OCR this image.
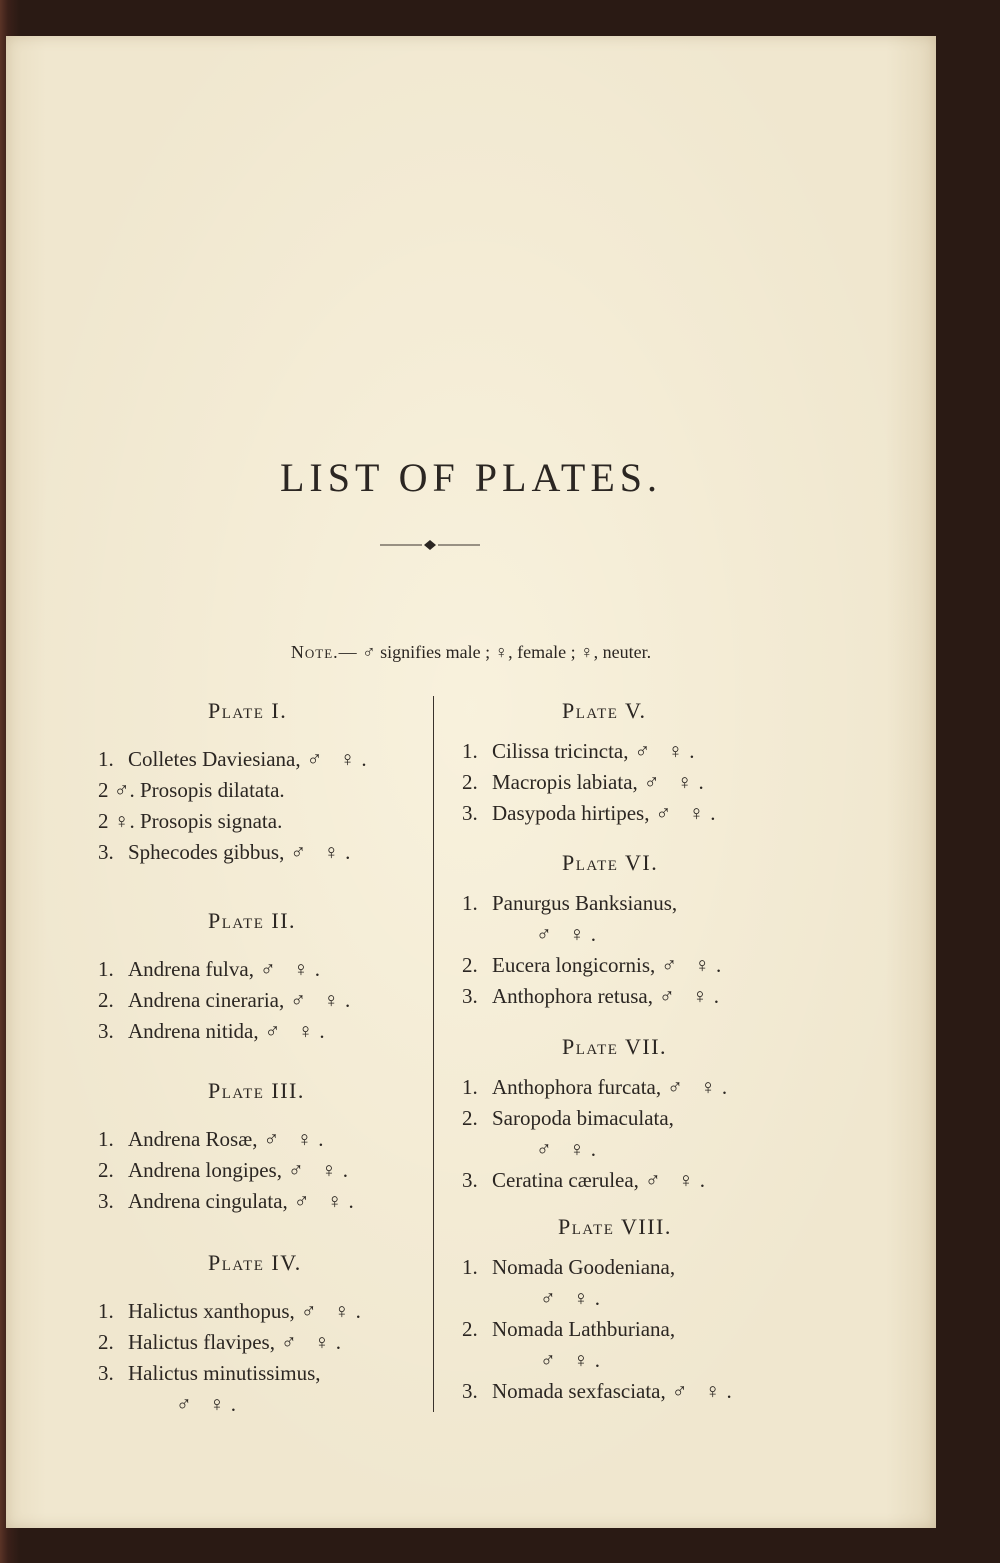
LIST OF PLATES.
Note.— ♂ signifies male ; ♀, female ; ♀, neuter.
Plate I.
1. Colletes Daviesiana, ♂ ♀.
2 ♂. Prosopis dilatata.
2 ♀. Prosopis signata.
3. Sphecodes gibbus, ♂ ♀.
Plate II.
1. Andrena fulva, ♂ ♀.
2. Andrena cineraria, ♂ ♀.
3. Andrena nitida, ♂ ♀.
Plate III.
1. Andrena Rosæ, ♂ ♀.
2. Andrena longipes, ♂ ♀.
3. Andrena cingulata, ♂ ♀.
Plate IV.
1. Halictus xanthopus, ♂ ♀.
2. Halictus flavipes, ♂ ♀.
3. Halictus minutissimus,
♂ ♀.
Plate V.
1. Cilissa tricincta, ♂ ♀.
2. Macropis labiata, ♂ ♀.
3. Dasypoda hirtipes, ♂ ♀.
Plate VI.
1. Panurgus Banksianus,
♂ ♀.
2. Eucera longicornis, ♂ ♀.
3. Anthophora retusa, ♂ ♀.
Plate VII.
1. Anthophora furcata, ♂ ♀.
2. Saropoda bimaculata,
♂ ♀.
3. Ceratina cærulea, ♂ ♀.
Plate VIII.
1. Nomada Goodeniana,
♂ ♀.
2. Nomada Lathburiana,
♂ ♀.
3. Nomada sexfasciata, ♂ ♀.
